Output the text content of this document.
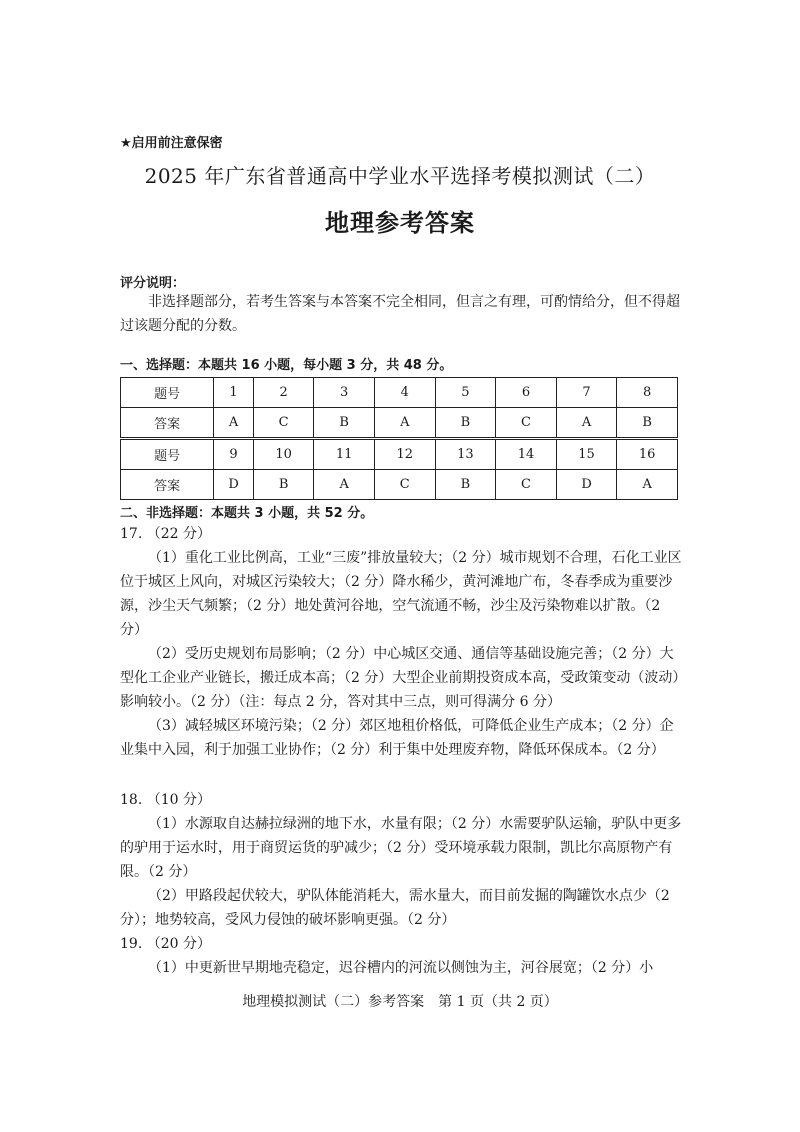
★启用前注意保密
2025 年广东省普通高中学业水平选择考模拟测试（二）
地理参考答案
评分说明：
非选择题部分，若考生答案与本答案不完全相同，但言之有理，可酌情给分，但不得超过该题分配的分数。
一、选择题：本题共 16 小题，每小题 3 分，共 48 分。
题号	1	2	3	4	5	6	7	8
答案	A	C	B	A	B	C	A	B
题号	9	10	11	12	13	14	15	16
答案	D	B	A	C	B	C	D	A
二、非选择题：本题共 3 小题，共 52 分。
17. （22 分）
（1）重化工业比例高，工业“三废”排放量较大；（2 分）城市规划不合理，石化工业区位于城区上风向，对城区污染较大；（2 分）降水稀少，黄河滩地广布，冬春季成为重要沙源，沙尘天气频繁；（2 分）地处黄河谷地，空气流通不畅，沙尘及污染物难以扩散。（2 分）
（2）受历史规划布局影响；（2 分）中心城区交通、通信等基础设施完善；（2 分）大型化工企业产业链长，搬迁成本高；（2 分）大型企业前期投资成本高，受政策变动（波动）影响较小。（2 分）（注：每点 2 分，答对其中三点，则可得满分 6 分）
（3）减轻城区环境污染；（2 分）郊区地租价格低，可降低企业生产成本；（2 分）企业集中入园，利于加强工业协作；（2 分）利于集中处理废弃物，降低环保成本。（2 分）
18. （10 分）
（1）水源取自达赫拉绿洲的地下水，水量有限；（2 分）水需要驴队运输，驴队中更多的驴用于运水时，用于商贸运货的驴减少；（2 分）受环境承载力限制，凯比尔高原物产有限。（2 分）
（2）甲路段起伏较大，驴队体能消耗大，需水量大，而目前发掘的陶罐饮水点少（2 分）；地势较高，受风力侵蚀的破坏影响更强。（2 分）
19. （20 分）
（1）中更新世早期地壳稳定，迟谷槽内的河流以侧蚀为主，河谷展宽；（2 分）小
地理模拟测试（二）参考答案　第 1 页（共 2 页）
